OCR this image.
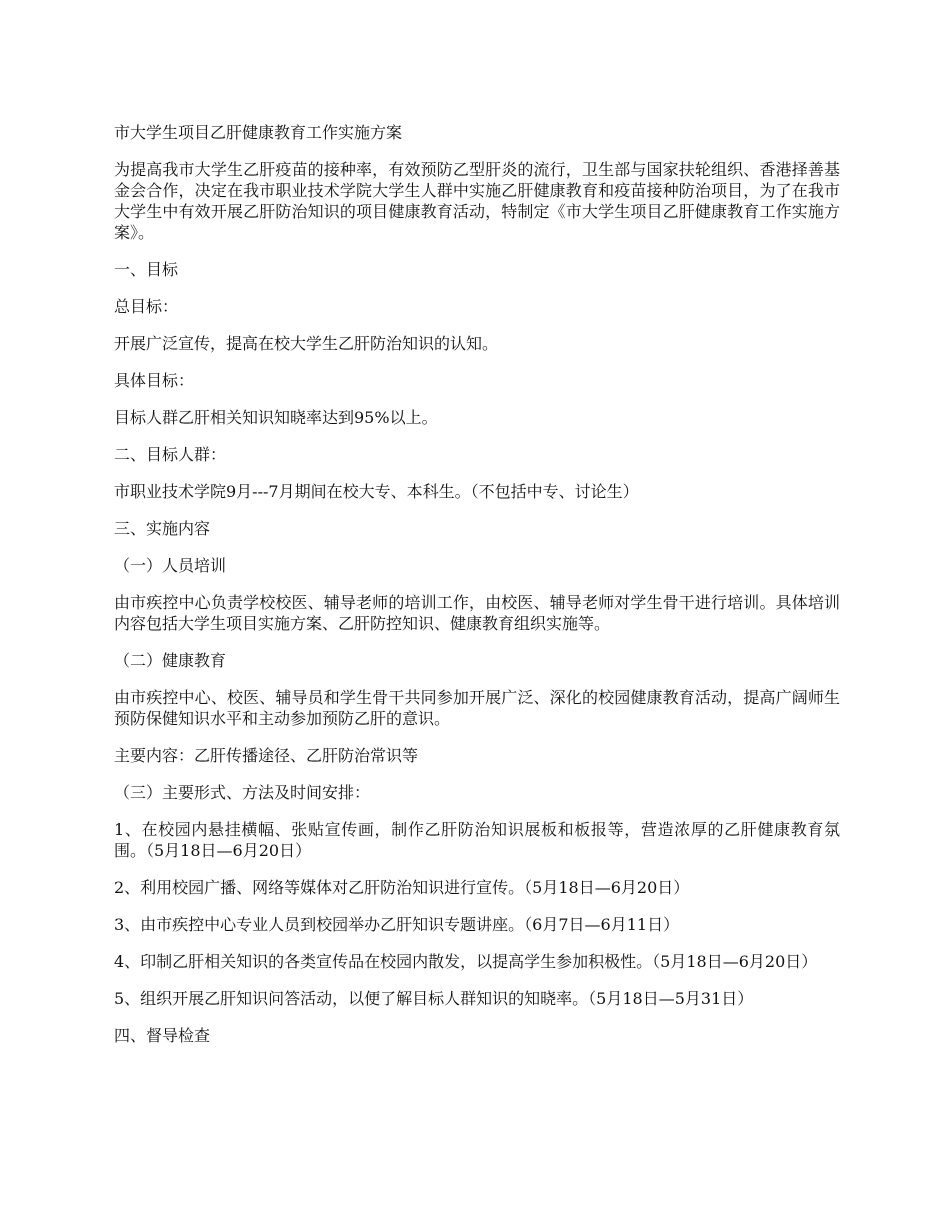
市大学生项目乙肝健康教育工作实施方案

为提高我市大学生乙肝疫苗的接种率，有效预防乙型肝炎的流行，卫生部与国家扶轮组织、香港择善基金会合作，决定在我市职业技术学院大学生人群中实施乙肝健康教育和疫苗接种防治项目，为了在我市大学生中有效开展乙肝防治知识的项目健康教育活动，特制定《市大学生项目乙肝健康教育工作实施方案》。

一、目标

总目标：

开展广泛宣传，提高在校大学生乙肝防治知识的认知。

具体目标：

目标人群乙肝相关知识知晓率达到95%以上。

二、目标人群：

市职业技术学院9月---7月期间在校大专、本科生。（不包括中专、讨论生）

三、实施内容

（一）人员培训

由市疾控中心负责学校校医、辅导老师的培训工作，由校医、辅导老师对学生骨干进行培训。具体培训内容包括大学生项目实施方案、乙肝防控知识、健康教育组织实施等。

（二）健康教育

由市疾控中心、校医、辅导员和学生骨干共同参加开展广泛、深化的校园健康教育活动，提高广阔师生预防保健知识水平和主动参加预防乙肝的意识。

主要内容：乙肝传播途径、乙肝防治常识等

（三）主要形式、方法及时间安排：

1、在校园内悬挂横幅、张贴宣传画，制作乙肝防治知识展板和板报等，营造浓厚的乙肝健康教育氛围。（5月18日—6月20日）

2、利用校园广播、网络等媒体对乙肝防治知识进行宣传。（5月18日—6月20日）

3、由市疾控中心专业人员到校园举办乙肝知识专题讲座。（6月7日—6月11日）

4、印制乙肝相关知识的各类宣传品在校园内散发，以提高学生参加积极性。（5月18日—6月20日）

5、组织开展乙肝知识问答活动，以便了解目标人群知识的知晓率。（5月18日—5月31日）

四、督导检查
